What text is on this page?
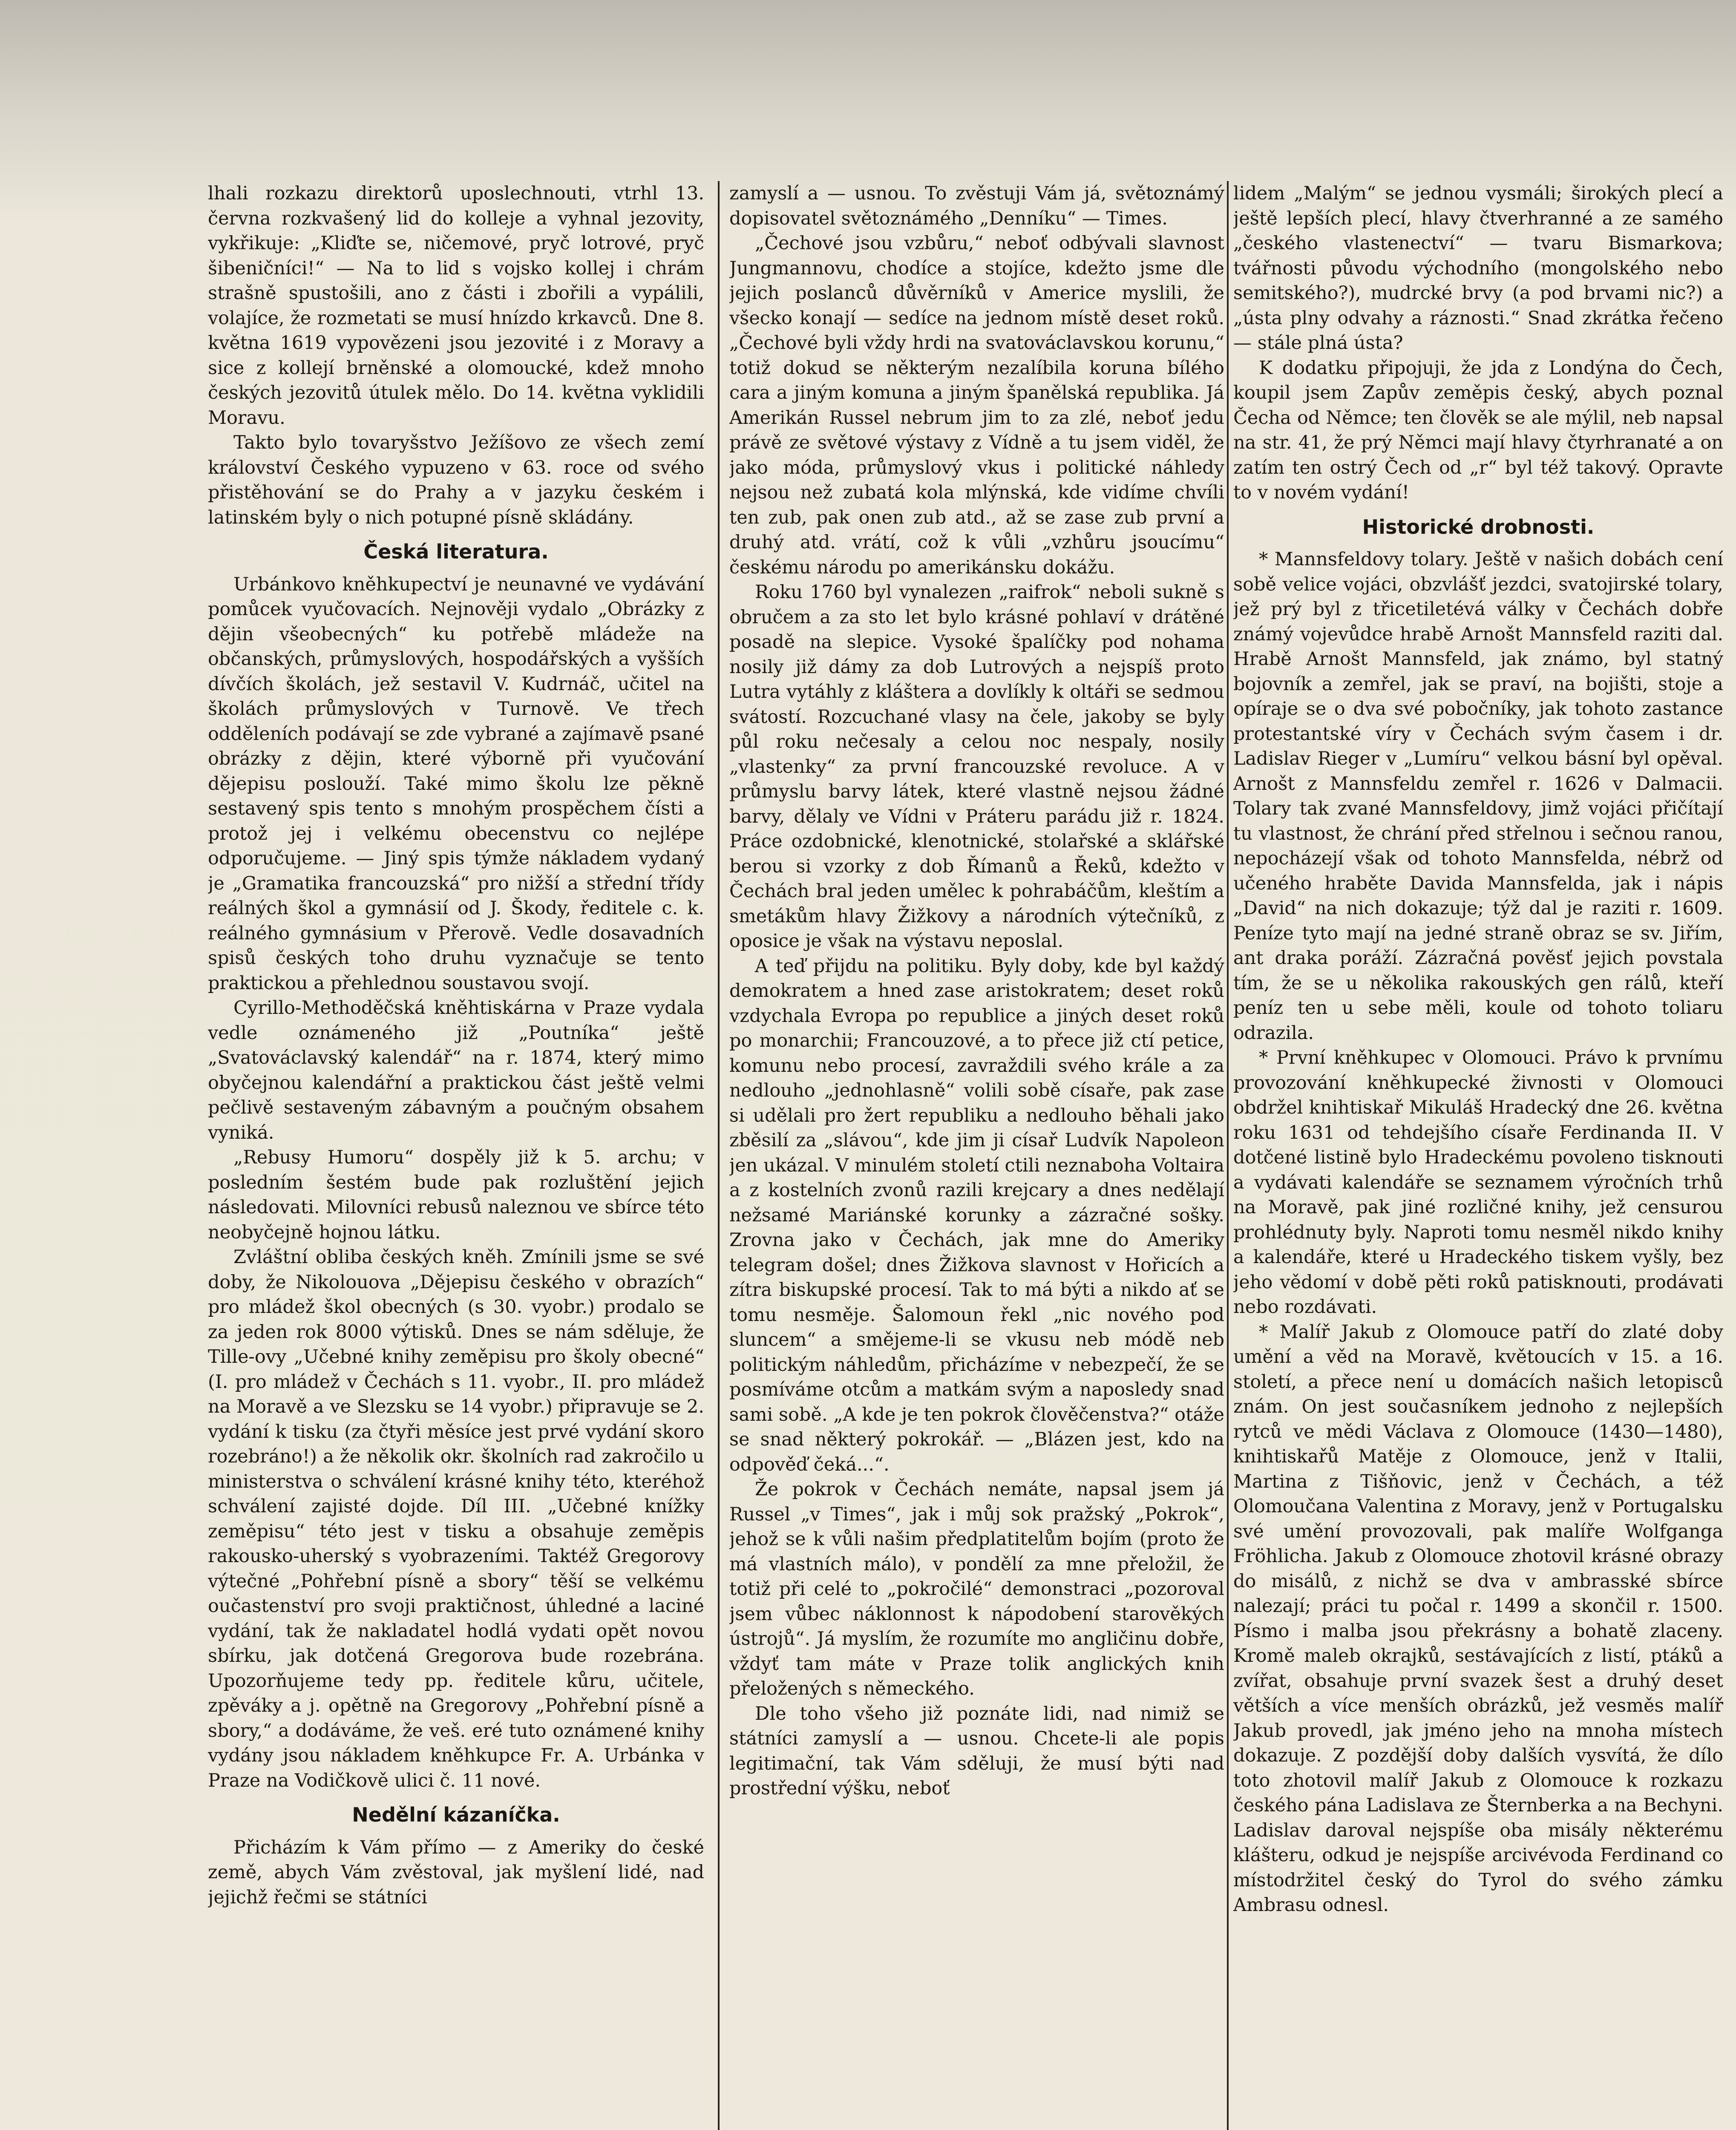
lhali rozkazu direktorů uposlechnouti, vtrhl 13. června rozkvašený lid do kolleje a vyhnal jezovity, vykřikuje: „Kliďte se, ničemové, pryč lotrové, pryč šibeničníci!“ — Na to lid s vojsko kollej i chrám strašně spustošili, ano z části i zbořili a vypálili, volajíce, že rozmetati se musí hnízdo krkavců. Dne 8. května 1619 vypovězeni jsou jezovité i z Moravy a sice z kollejí brněnské a olomoucké, kdež mnoho českých jezovitů útulek mělo. Do 14. května vyklidili Moravu.

Takto bylo tovaryšstvo Ježíšovo ze všech zemí království Českého vypuzeno v 63. roce od svého přistěhování se do Prahy a v jazyku českém i latinském byly o nich potupné písně skládány.

Česká literatura.

Urbánkovo kněhkupectví je neunavné ve vydávání pomůcek vyučovacích. Nejnověji vydalo „Obrázky z dějin všeobecných“ ku potřebě mládeže na občanských, průmyslových, hospodářských a vyšších dívčích školách, jež sestavil V. Kudrnáč, učitel na školách průmyslových v Turnově. Ve třech odděleních podávají se zde vybrané a zajímavě psané obrázky z dějin, které výborně při vyučování dějepisu poslouží. Také mimo školu lze pěkně sestavený spis tento s mnohým prospěchem čísti a protož jej i velkému obecenstvu co nejlépe odporučujeme. — Jiný spis týmže nákladem vydaný je „Gramatika francouzská“ pro nižší a střední třídy reálných škol a gymnásií od J. Škody, ředitele c. k. reálného gymnásium v Přerově. Vedle dosavadních spisů českých toho druhu vyznačuje se tento praktickou a přehlednou soustavou svojí.

Cyrillo-Methoděčská kněhtiskárna v Praze vydala vedle oznámeného již „Poutníka“ ještě „Svatováclavský kalendář“ na r. 1874, který mimo obyčejnou kalendářní a praktickou část ještě velmi pečlivě sestaveným zábavným a poučným obsahem vyniká.

„Rebusy Humoru“ dospěly již k 5. archu; v posledním šestém bude pak rozluštění jejich následovati. Milovníci rebusů naleznou ve sbírce této neobyčejně hojnou látku.

Zvláštní obliba českých kněh. Zmínili jsme se své doby, že Nikolouova „Dějepisu českého v obrazích“ pro mládež škol obecných (s 30. vyobr.) prodalo se za jeden rok 8000 výtisků. Dnes se nám sděluje, že Tille-ovy „Učebné knihy zeměpisu pro školy obecné“ (I. pro mládež v Čechách s 11. vyobr., II. pro mládež na Moravě a ve Slezsku se 14 vyobr.) připravuje se 2. vydání k tisku (za čtyři měsíce jest prvé vydání skoro rozebráno!) a že několik okr. školních rad zakročilo u ministerstva o schválení krásné knihy této, kteréhož schválení zajisté dojde. Díl III. „Učebné knížky zeměpisu“ této jest v tisku a obsahuje zeměpis rakousko-uherský s vyobrazeními. Taktéž Gregorovy výtečné „Pohřební písně a sbory“ těší se velkému oučastenství pro svoji praktičnost, úhledné a laciné vydání, tak že nakladatel hodlá vydati opět novou sbírku, jak dotčená Gregorova bude rozebrána. Upozorňujeme tedy pp. ředitele kůru, učitele, zpěváky a j. opětně na Gregorovy „Pohřební písně a sbory,“ a dodáváme, že veš. eré tuto oznámené knihy vydány jsou nákladem kněhkupce Fr. A. Urbánka v Praze na Vodičkově ulici č. 11 nové.

Nedělní kázaníčka.

Přicházím k Vám přímo — z Ameriky do české země, abych Vám zvěstoval, jak myšlení lidé, nad jejichž řečmi se státníci

zamyslí a — usnou. To zvěstuji Vám já, světoznámý dopisovatel světoznámého „Denníku“ — Times.

„Čechové jsou vzbůru,“ neboť odbývali slavnost Jungmannovu, chodíce a stojíce, kdežto jsme dle jejich poslanců důvěrníků v Americe myslili, že všecko konají — sedíce na jednom místě deset roků. „Čechové byli vždy hrdi na svatováclavskou korunu,“ totiž dokud se některým nezalíbila koruna bílého cara a jiným komuna a jiným španělská republika. Já Amerikán Russel nebrum jim to za zlé, neboť jedu právě ze světové výstavy z Vídně a tu jsem viděl, že jako móda, průmyslový vkus i politické náhledy nejsou než zubatá kola mlýnská, kde vidíme chvíli ten zub, pak onen zub atd., až se zase zub první a druhý atd. vrátí, což k vůli „vzhůru jsoucímu“ českému národu po amerikánsku dokážu.

Roku 1760 byl vynalezen „raifrok“ neboli sukně s obručem a za sto let bylo krásné pohlaví v drátěné posadě na slepice. Vysoké špalíčky pod nohama nosily již dámy za dob Lutrových a nejspíš proto Lutra vytáhly z kláštera a dovlíkly k oltáři se sedmou svátostí. Rozcuchané vlasy na čele, jakoby se byly půl roku nečesaly a celou noc nespaly, nosily „vlastenky“ za první francouzské revoluce. A v průmyslu barvy látek, které vlastně nejsou žádné barvy, dělaly ve Vídni v Práteru parádu již r. 1824. Práce ozdobnické, klenotnické, stolařské a sklářské berou si vzorky z dob Římanů a Řeků, kdežto v Čechách bral jeden umělec k pohrabáčům, kleštím a smetákům hlavy Žižkovy a národních výtečníků, z oposice je však na výstavu neposlal.

A teď přijdu na politiku. Byly doby, kde byl každý demokratem a hned zase aristokratem; deset roků vzdychala Evropa po republice a jiných deset roků po monarchii; Francouzové, a to přece již ctí petice, komunu nebo procesí, zavraždili svého krále a za nedlouho „jednohlasně“ volili sobě císaře, pak zase si udělali pro žert republiku a nedlouho běhali jako zběsilí za „slávou“, kde jim ji císař Ludvík Napoleon jen ukázal. V minulém století ctili neznaboha Voltaira a z kostelních zvonů razili krejcary a dnes nedělají nežsamé Mariánské korunky a zázračné sošky. Zrovna jako v Čechách, jak mne do Ameriky telegram došel; dnes Žižkova slavnost v Hořicích a zítra biskupské procesí. Tak to má býti a nikdo ať se tomu nesměje. Šalomoun řekl „nic nového pod sluncem“ a smějeme-li se vkusu neb módě neb politickým náhledům, přicházíme v nebezpečí, že se posmíváme otcům a matkám svým a naposledy snad sami sobě. „A kde je ten pokrok člověčenstva?“ otáže se snad některý pokrokář. — „Blázen jest, kdo na odpověď čeká...“.

Že pokrok v Čechách nemáte, napsal jsem já Russel „v Times“, jak i můj sok pražský „Pokrok“, jehož se k vůli našim předplatitelům bojím (proto že má vlastních málo), v pondělí za mne přeložil, že totiž při celé to „pokročilé“ demonstraci „pozoroval jsem vůbec náklonnost k nápodobení starověkých ústrojů“. Já myslím, že rozumíte mo angličinu dobře, vždyť tam máte v Praze tolik anglických knih přeložených s německého.

Dle toho všeho již poznáte lidi, nad nimiž se státníci zamyslí a — usnou. Chcete-li ale popis legitimační, tak Vám sděluji, že musí býti nad prostřední výšku, neboť

lidem „Malým“ se jednou vysmáli; širokých plecí a ještě lepších plecí, hlavy čtverhranné a ze samého „českého vlastenectví“ — tvaru Bismarkova; tvářnosti původu východního (mongolského nebo semitského?), mudrcké brvy (a pod brvami nic?) a „ústa plny odvahy a ráznosti.“ Snad zkrátka řečeno — stále plná ústa?

K dodatku připojuji, že jda z Londýna do Čech, koupil jsem Zapův zeměpis český, abych poznal Čecha od Němce; ten člověk se ale mýlil, neb napsal na str. 41, že prý Němci mají hlavy čtyrhranaté a on zatím ten ostrý Čech od „r“ byl též takový. Opravte to v novém vydání!

Historické drobnosti.

* Mannsfeldovy tolary. Ještě v našich dobách cení sobě velice vojáci, obzvlášť jezdci, svatojirské tolary, jež prý byl z třicetiletévá války v Čechách dobře známý vojevůdce hrabě Arnošt Mannsfeld raziti dal. Hrabě Arnošt Mannsfeld, jak známo, byl statný bojovník a zemřel, jak se praví, na bojišti, stoje a opíraje se o dva své pobočníky, jak tohoto zastance protestantské víry v Čechách svým časem i dr. Ladislav Rieger v „Lumíru“ velkou básní byl opěval. Arnošt z Mannsfeldu zemřel r. 1626 v Dalmacii. Tolary tak zvané Mannsfeldovy, jimž vojáci přičítají tu vlastnost, že chrání před střelnou i sečnou ranou, nepocházejí však od tohoto Mannsfelda, nébrž od učeného hraběte Davida Mannsfelda, jak i nápis „David“ na nich dokazuje; týž dal je raziti r. 1609. Peníze tyto mají na jedné straně obraz se sv. Jiřím, ant draka poráží. Zázračná pověsť jejich povstala tím, že se u několika rakouských gen rálů, kteří peníz ten u sebe měli, koule od tohoto toliaru odrazila.

* První kněhkupec v Olomouci. Právo k prvnímu provozování kněhkupecké živnosti v Olomouci obdržel knihtiskař Mikuláš Hradecký dne 26. května roku 1631 od tehdejšího císaře Ferdinanda II. V dotčené listině bylo Hradeckému povoleno tisknouti a vydávati kalendáře se seznamem výročních trhů na Moravě, pak jiné rozličné knihy, jež censurou prohlédnuty byly. Naproti tomu nesměl nikdo knihy a kalendáře, které u Hradeckého tiskem vyšly, bez jeho vědomí v době pěti roků patisknouti, prodávati nebo rozdávati.

* Malíř Jakub z Olomouce patří do zlaté doby umění a věd na Moravě, květoucích v 15. a 16. století, a přece není u domácích našich letopisců znám. On jest současníkem jednoho z nejlepších rytců ve mědi Václava z Olomouce (1430—1480), knihtiskařů Matěje z Olomouce, jenž v Italii, Martina z Tišňovic, jenž v Čechách, a též Olomoučana Valentina z Moravy, jenž v Portugalsku své umění provozovali, pak malíře Wolfganga Fröhlicha. Jakub z Olomouce zhotovil krásné obrazy do misálů, z nichž se dva v ambrasské sbírce nalezají; práci tu počal r. 1499 a skončil r. 1500. Písmo i malba jsou překrásny a bohatě zlaceny. Kromě maleb okrajků, sestávajících z listí, ptáků a zvířat, obsahuje první svazek šest a druhý deset větších a více menších obrázků, jež vesměs malíř Jakub provedl, jak jméno jeho na mnoha místech dokazuje. Z pozdější doby dalších vysvítá, že dílo toto zhotovil malíř Jakub z Olomouce k rozkazu českého pána Ladislava ze Šternberka a na Bechyni. Ladislav daroval nejspíše oba misály některému klášteru, odkud je nejspíše arcivévoda Ferdinand co místodržitel český do Tyrol do svého zámku Ambrasu odnesl.
